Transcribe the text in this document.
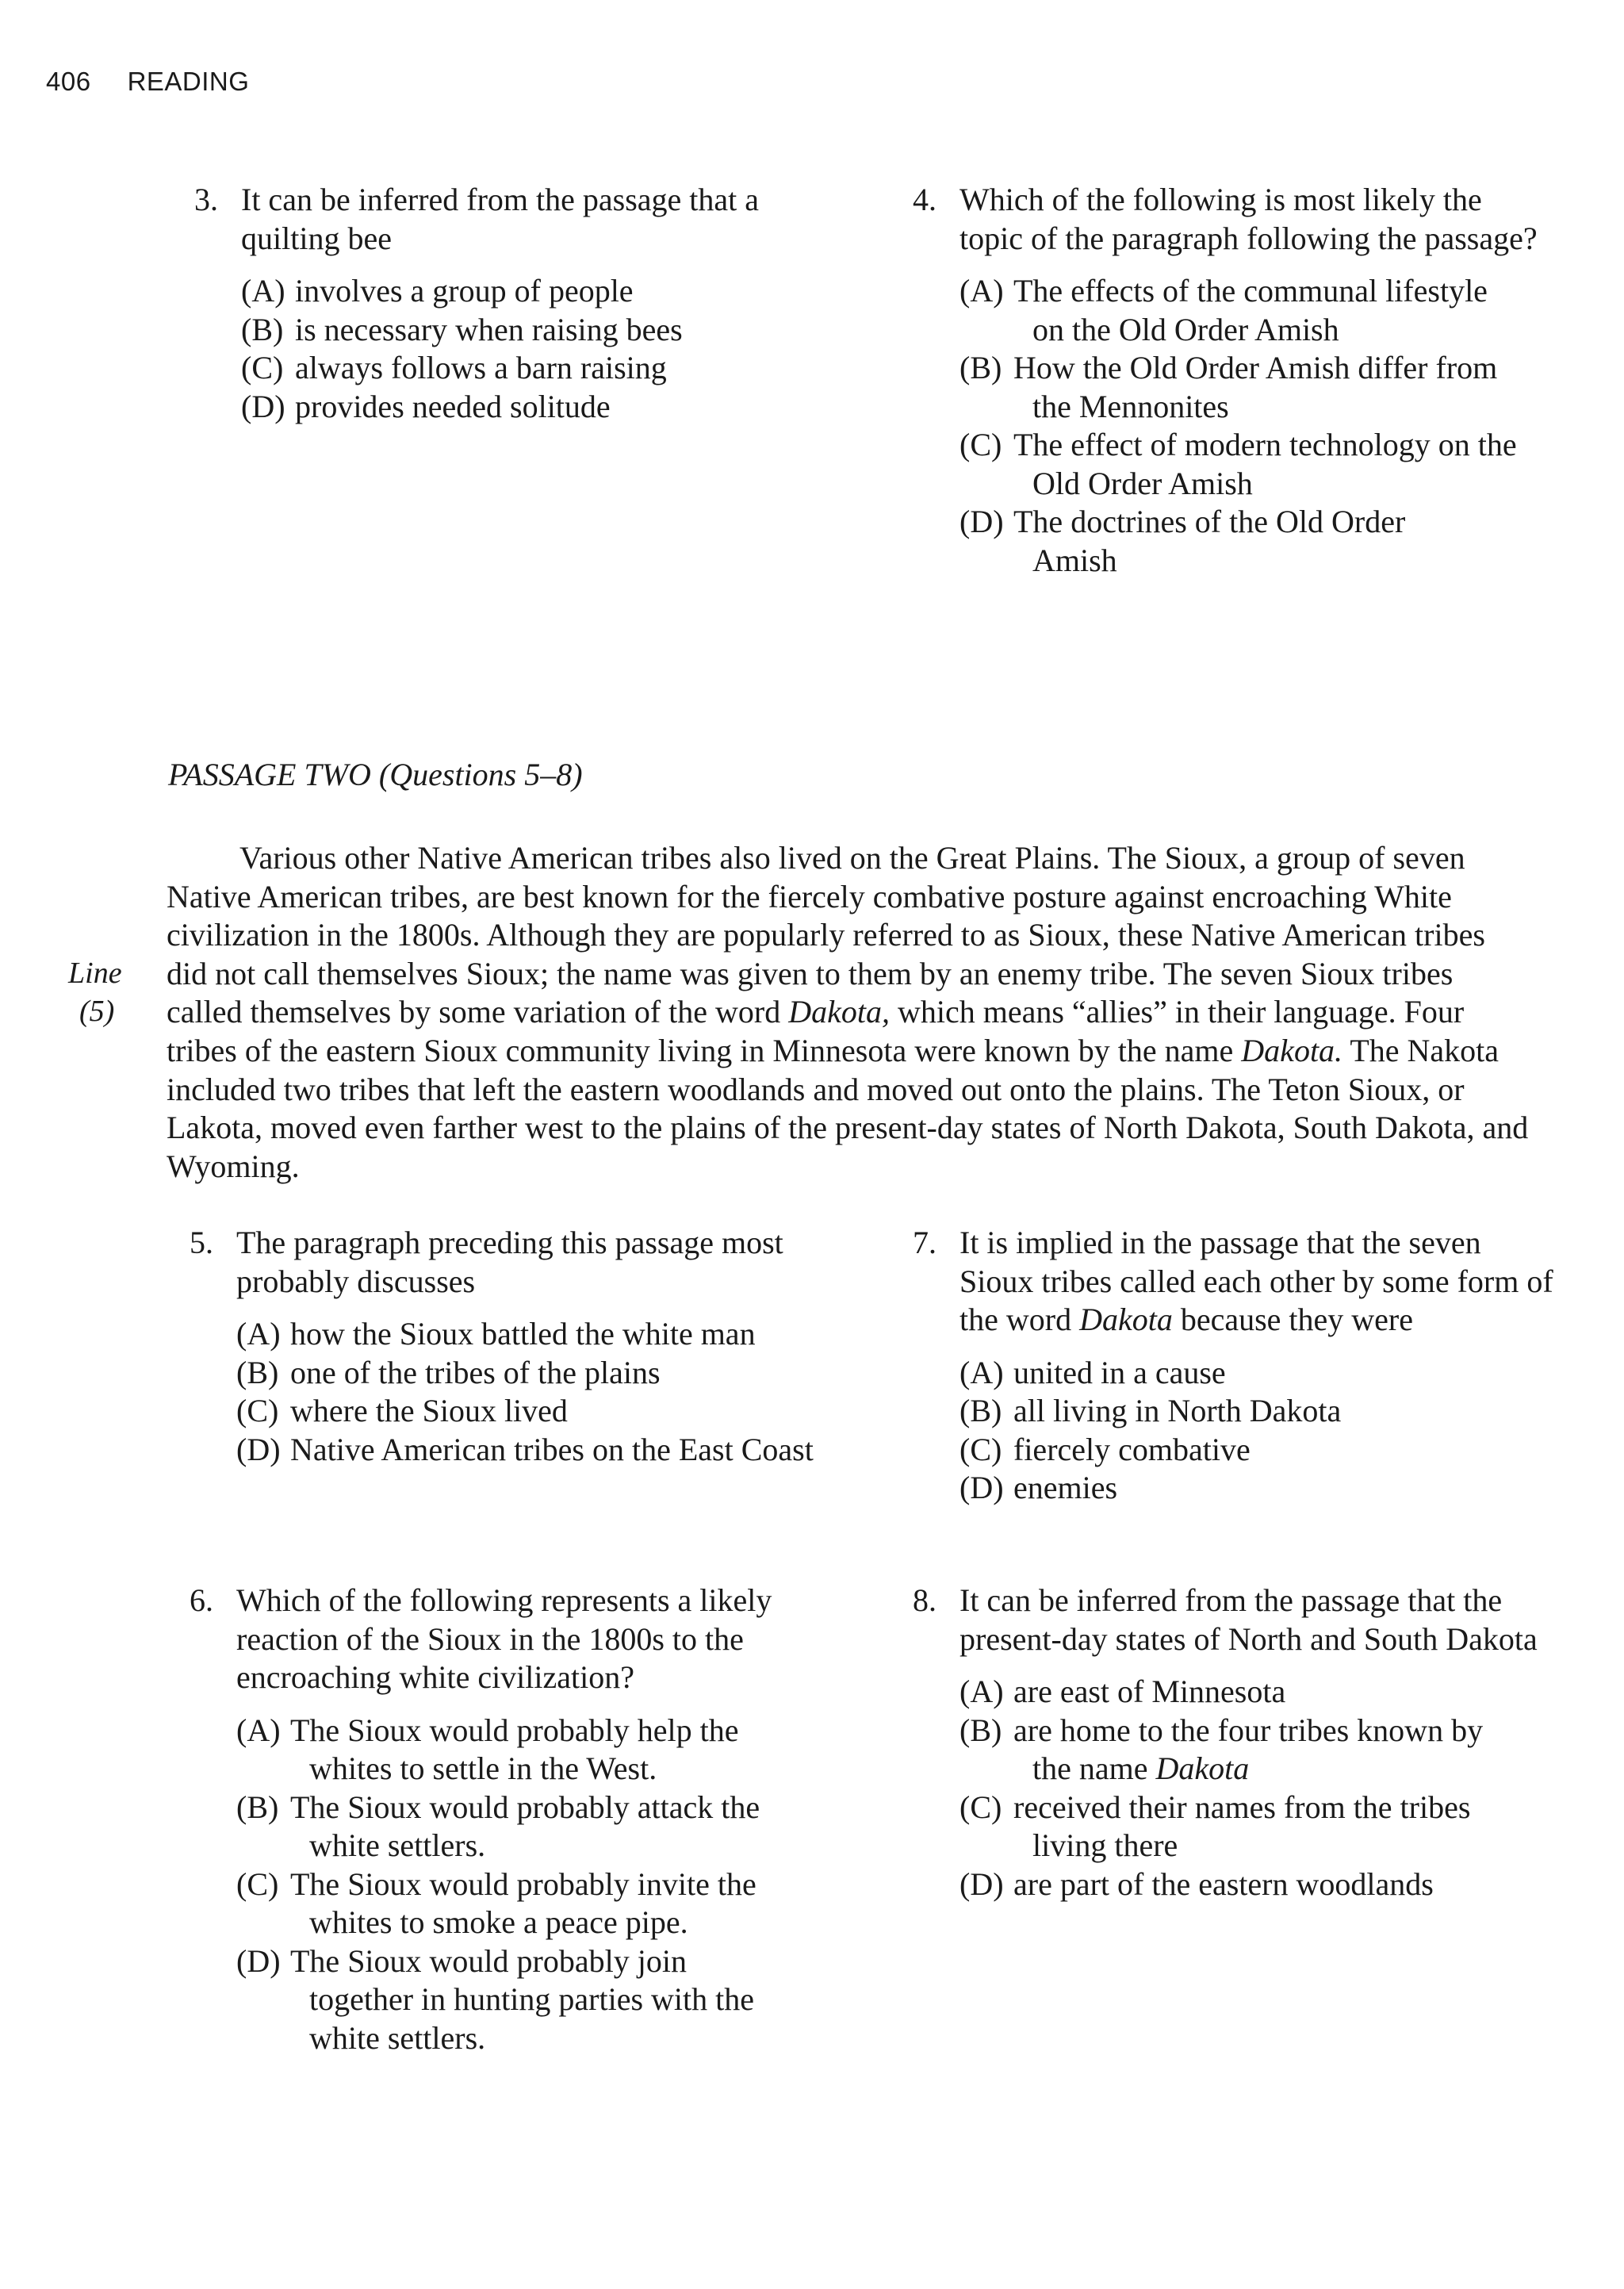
406 READING
3. It can be inferred from the passage that a quilting bee
(A) involves a group of people
(B) is necessary when raising bees
(C) always follows a barn raising
(D) provides needed solitude
4. Which of the following is most likely the topic of the paragraph following the passage?
(A) The effects of the communal lifestyle on the Old Order Amish
(B) How the Old Order Amish differ from the Mennonites
(C) The effect of modern technology on the Old Order Amish
(D) The doctrines of the Old Order Amish
PASSAGE TWO (Questions 5–8)
Line
(5)

Various other Native American tribes also lived on the Great Plains. The Sioux, a group of seven Native American tribes, are best known for the fiercely combative posture against encroaching White civilization in the 1800s. Although they are popularly referred to as Sioux, these Native American tribes did not call themselves Sioux; the name was given to them by an enemy tribe. The seven Sioux tribes called themselves by some variation of the word Dakota, which means “allies” in their language. Four tribes of the eastern Sioux community living in Minnesota were known by the name Dakota. The Nakota included two tribes that left the eastern woodlands and moved out onto the plains. The Teton Sioux, or Lakota, moved even farther west to the plains of the present-day states of North Dakota, South Dakota, and Wyoming.

5. The paragraph preceding this passage most probably discusses
(A) how the Sioux battled the white man
(B) one of the tribes of the plains
(C) where the Sioux lived
(D) Native American tribes on the East Coast
6. Which of the following represents a likely reaction of the Sioux in the 1800s to the encroaching white civilization?
(A) The Sioux would probably help the whites to settle in the West.
(B) The Sioux would probably attack the white settlers.
(C) The Sioux would probably invite the whites to smoke a peace pipe.
(D) The Sioux would probably join together in hunting parties with the white settlers.
7. It is implied in the passage that the seven Sioux tribes called each other by some form of the word Dakota because they were
(A) united in a cause
(B) all living in North Dakota
(C) fiercely combative
(D) enemies
8. It can be inferred from the passage that the present-day states of North and South Dakota
(A) are east of Minnesota
(B) are home to the four tribes known by the name Dakota
(C) received their names from the tribes living there
(D) are part of the eastern woodlands
